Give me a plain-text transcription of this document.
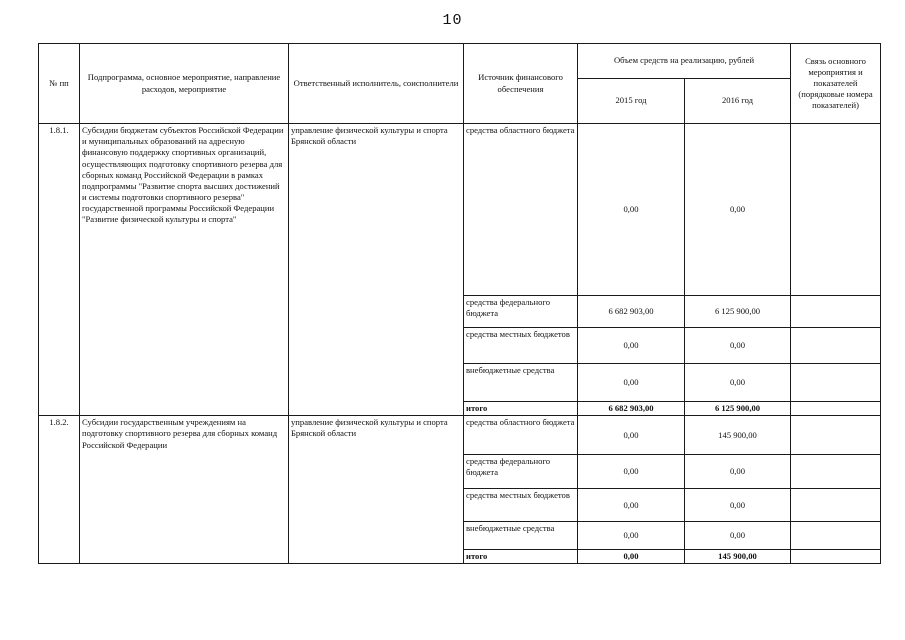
10
№ пп	Подпрограмма, основное мероприятие, направление расходов, мероприятие	Ответственный исполнитель, соисполнители	Источник финансового обеспечения	Объем средств на реализацию, рублей		Связь основного мероприятия и показателей (порядковые номера показателей)
				2015 год	2016 год	
1.8.1.	Субсидии бюджетам субъектов Российской Федерации и муниципальных образований на адресную финансовую поддержку спортивных организаций, осуществляющих подготовку спортивного резерва для сборных команд Российской Федерации в рамках подпрограммы "Развитие спорта высших достижений и системы подготовки спортивного резерва" государственной программы Российской Федерации "Развитие физической культуры и спорта"	управление физической культуры и спорта Брянской области	средства областного бюджета	0,00	0,00	
			средства федерального бюджета	6 682 903,00	6 125 900,00	
			средства местных бюджетов	0,00	0,00	
			внебюджетные средства	0,00	0,00	
			итого	6 682 903,00	6 125 900,00	
1.8.2.	Субсидии государственным учреждениям на подготовку спортивного резерва для сборных команд Российской Федерации	управление физической культуры и спорта Брянской области	средства областного бюджета	0,00	145 900,00	
			средства федерального бюджета	0,00	0,00	
			средства местных бюджетов	0,00	0,00	
			внебюджетные средства	0,00	0,00	
			итого	0,00	145 900,00	
